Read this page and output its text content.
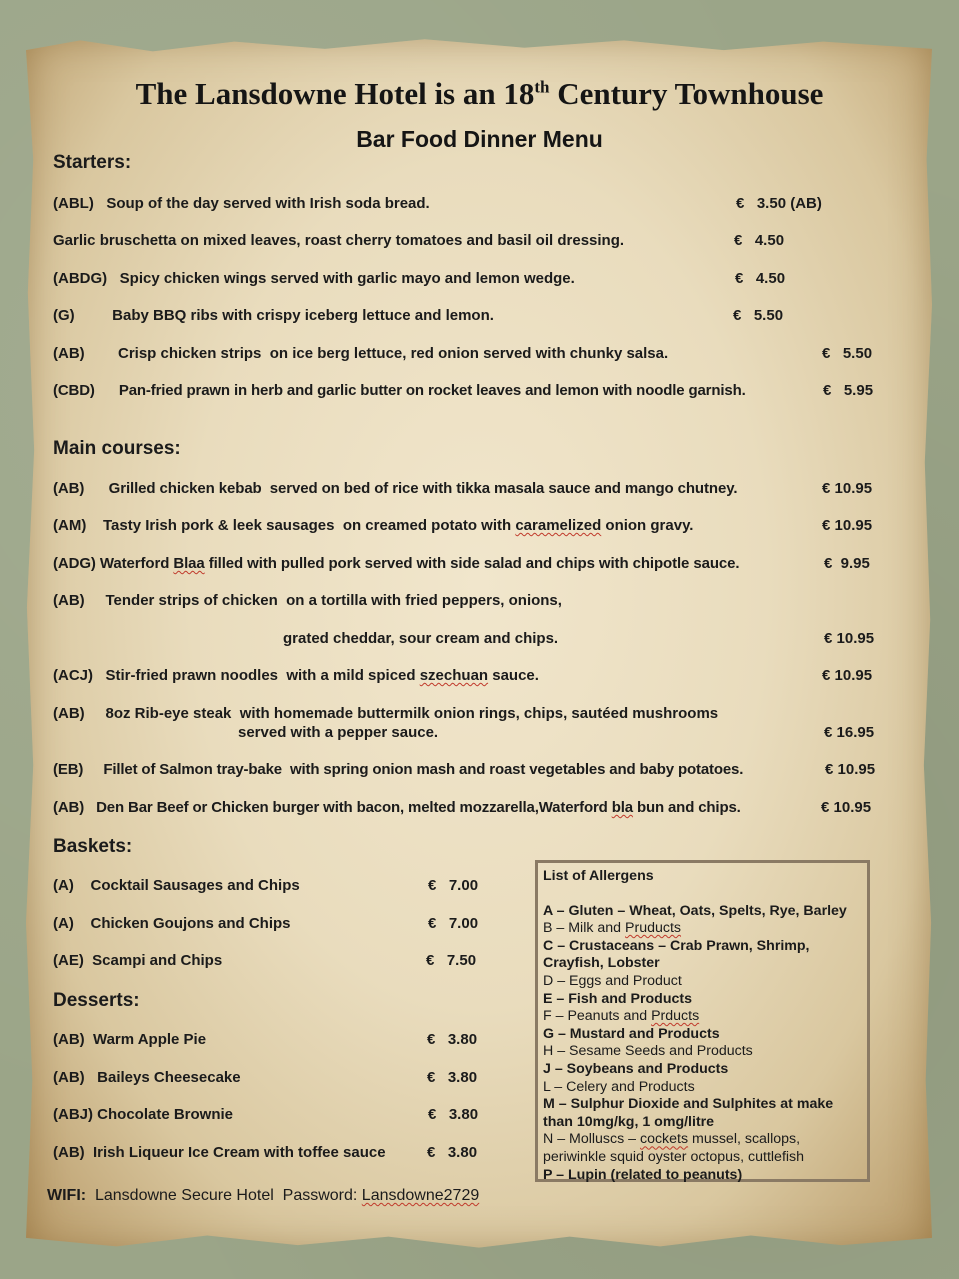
The Lansdowne Hotel is an 18th Century Townhouse
Bar Food Dinner Menu
Starters:
(ABL)   Soup of the day served with Irish soda bread.	€   3.50 (AB)
Garlic bruschetta on mixed leaves, roast cherry tomatoes and basil oil dressing.	€   4.50
(ABDG)   Spicy chicken wings served with garlic mayo and lemon wedge.	€   4.50
(G)         Baby BBQ ribs with crispy iceberg lettuce and lemon.	€   5.50
(AB)        Crisp chicken strips  on ice berg lettuce, red onion served with chunky salsa.	€   5.50
(CBD)      Pan-fried prawn in herb and garlic butter on rocket leaves and lemon with noodle garnish.	€   5.95
Main courses:
(AB)      Grilled chicken kebab  served on bed of rice with tikka masala sauce and mango chutney.	€ 10.95
(AM)    Tasty Irish pork & leek sausages  on creamed potato with caramelized onion gravy.	€ 10.95
(ADG) Waterford Blaa filled with pulled pork served with side salad and chips with chipotle sauce.	€  9.95
(AB)     Tender strips of chicken  on a tortilla with fried peppers, onions,
grated cheddar, sour cream and chips.	€ 10.95
(ACJ)   Stir-fried prawn noodles  with a mild spiced szechuan sauce.	€ 10.95
(AB)     8oz Rib-eye steak  with homemade buttermilk onion rings, chips, sautéed mushrooms
served with a pepper sauce.	€ 16.95
(EB)     Fillet of Salmon tray-bake  with spring onion mash and roast vegetables and baby potatoes.	€ 10.95
(AB)   Den Bar Beef or Chicken burger with bacon, melted mozzarella,Waterford bla bun and chips.	€ 10.95
Baskets:
(A)    Cocktail Sausages and Chips	€   7.00
(A)    Chicken Goujons and Chips	€   7.00
(AE)  Scampi and Chips	€   7.50
Desserts:
(AB)  Warm Apple Pie	€   3.80
(AB)   Baileys Cheesecake	€   3.80
(ABJ) Chocolate Brownie	€   3.80
(AB)  Irish Liqueur Ice Cream with toffee sauce	€   3.80
List of Allergens
A – Gluten – Wheat, Oats, Spelts, Rye, Barley
B – Milk and Pruducts
C – Crustaceans – Crab Prawn, Shrimp, Crayfish, Lobster
D – Eggs and Product
E – Fish and Products
F – Peanuts and Prducts
G – Mustard and Products
H – Sesame Seeds and Products
J – Soybeans and Products
L – Celery and Products
M – Sulphur Dioxide and Sulphites at make than 10mg/kg, 1 omg/litre
N – Molluscs – cockets mussel, scallops, periwinkle squid oyster octopus, cuttlefish
P – Lupin (related to peanuts)
WIFI:  Lansdowne Secure Hotel  Password: Lansdowne2729
